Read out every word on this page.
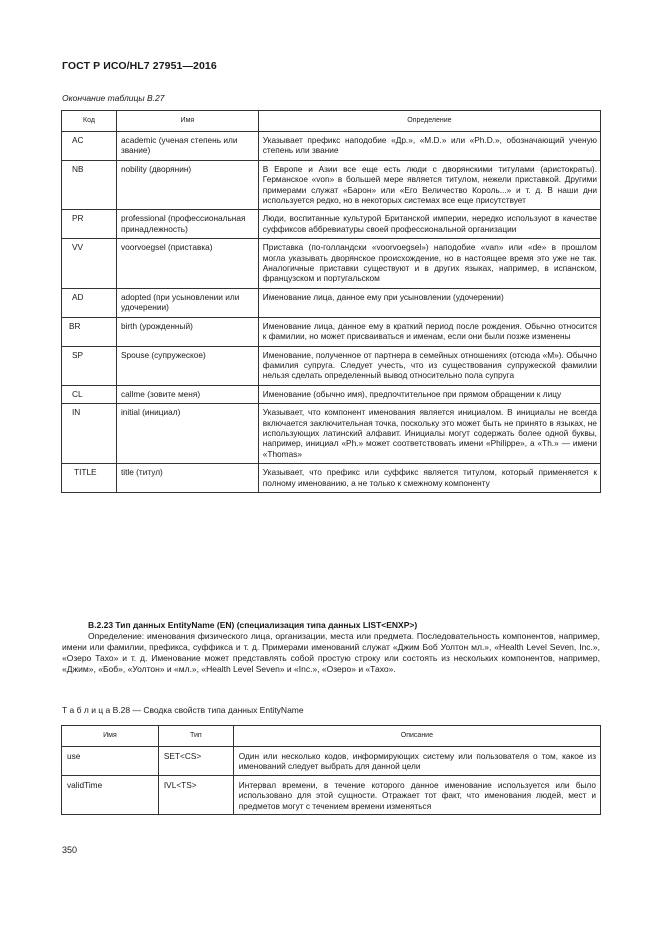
ГОСТ Р ИСО/HL7 27951—2016
Окончание таблицы B.27
Код	Имя	Определение
AC	academic (ученая степень или звание)	Указывает префикс наподобие «Др.», «M.D.» или «Ph.D.», обозначающий ученую степень или звание
NB	nobility (дворянин)	В Европе и Азии все еще есть люди с дворянскими титулами (аристократы). Германское «von» в большей мере является титулом, нежели приставкой. Другими примерами служат «Барон» или «Его Величество Король...» и т. д. В наши дни используется редко, но в некоторых системах все еще присутствует
PR	professional (профессиональная принадлежность)	Люди, воспитанные культурой Британской империи, нередко используют в качестве суффиксов аббревиатуры своей профессиональной организации
VV	voorvoegsel (приставка)	Приставка (по-голландски «voorvoegsel») наподобие «van» или «de» в прошлом могла указывать дворянское происхождение, но в настоящее время это уже не так. Аналогичные приставки существуют и в других языках, например, в испанском, французском и португальском
AD	adopted (при усыновлении или удочерении)	Именование лица, данное ему при усыновлении (удочерении)
BR	birth (урожденный)	Именование лица, данное ему в краткий период после рождения. Обычно относится к фамилии, но может присваиваться и именам, если они были позже изменены
SP	Spouse (супружеское)	Именование, полученное от партнера в семейных отношениях (отсюда «M»). Обычно фамилия супруга. Следует учесть, что из существования супружеской фамилии нельзя сделать определенный вывод относительно пола супруга
CL	callme (зовите меня)	Именование (обычно имя), предпочтительное при прямом обращении к лицу
IN	initial (инициал)	Указывает, что компонент именования является инициалом. В инициалы не всегда включается заключительная точка, поскольку это может быть не принято в языках, не использующих латинский алфавит. Инициалы могут содержать более одной буквы, например, инициал «Ph.» может соответствовать имени «Philippe», а «Th.» — имени «Thomas»
TITLE	title (титул)	Указывает, что префикс или суффикс является титулом, который применяется к полному именованию, а не только к смежному компоненту
B.2.23 Тип данных EntityName (EN) (специализация типа данных LIST<ENXP>)
Определение: именования физического лица, организации, места или предмета. Последовательность компонентов, например, имени или фамилии, префикса, суффикса и т. д. Примерами именований служат «Джим Боб Уолтон мл.», «Health Level Seven, Inc.», «Озеро Тахо» и т. д. Именование может представлять собой простую строку или состоять из нескольких компонентов, например, «Джим», «Боб», «Уолтон» и «мл.», «Health Level Seven» и «Inc.», «Озеро» и «Тахо».
Т а б л и ц а B.28 — Сводка свойств типа данных EntityName
Имя	Тип	Описание
use	SET<CS>	Один или несколько кодов, информирующих систему или пользователя о том, какое из именований следует выбрать для данной цели
validTime	IVL<TS>	Интервал времени, в течение которого данное именование используется или было использовано для этой сущности. Отражает тот факт, что именования людей, мест и предметов могут с течением времени изменяться
350
